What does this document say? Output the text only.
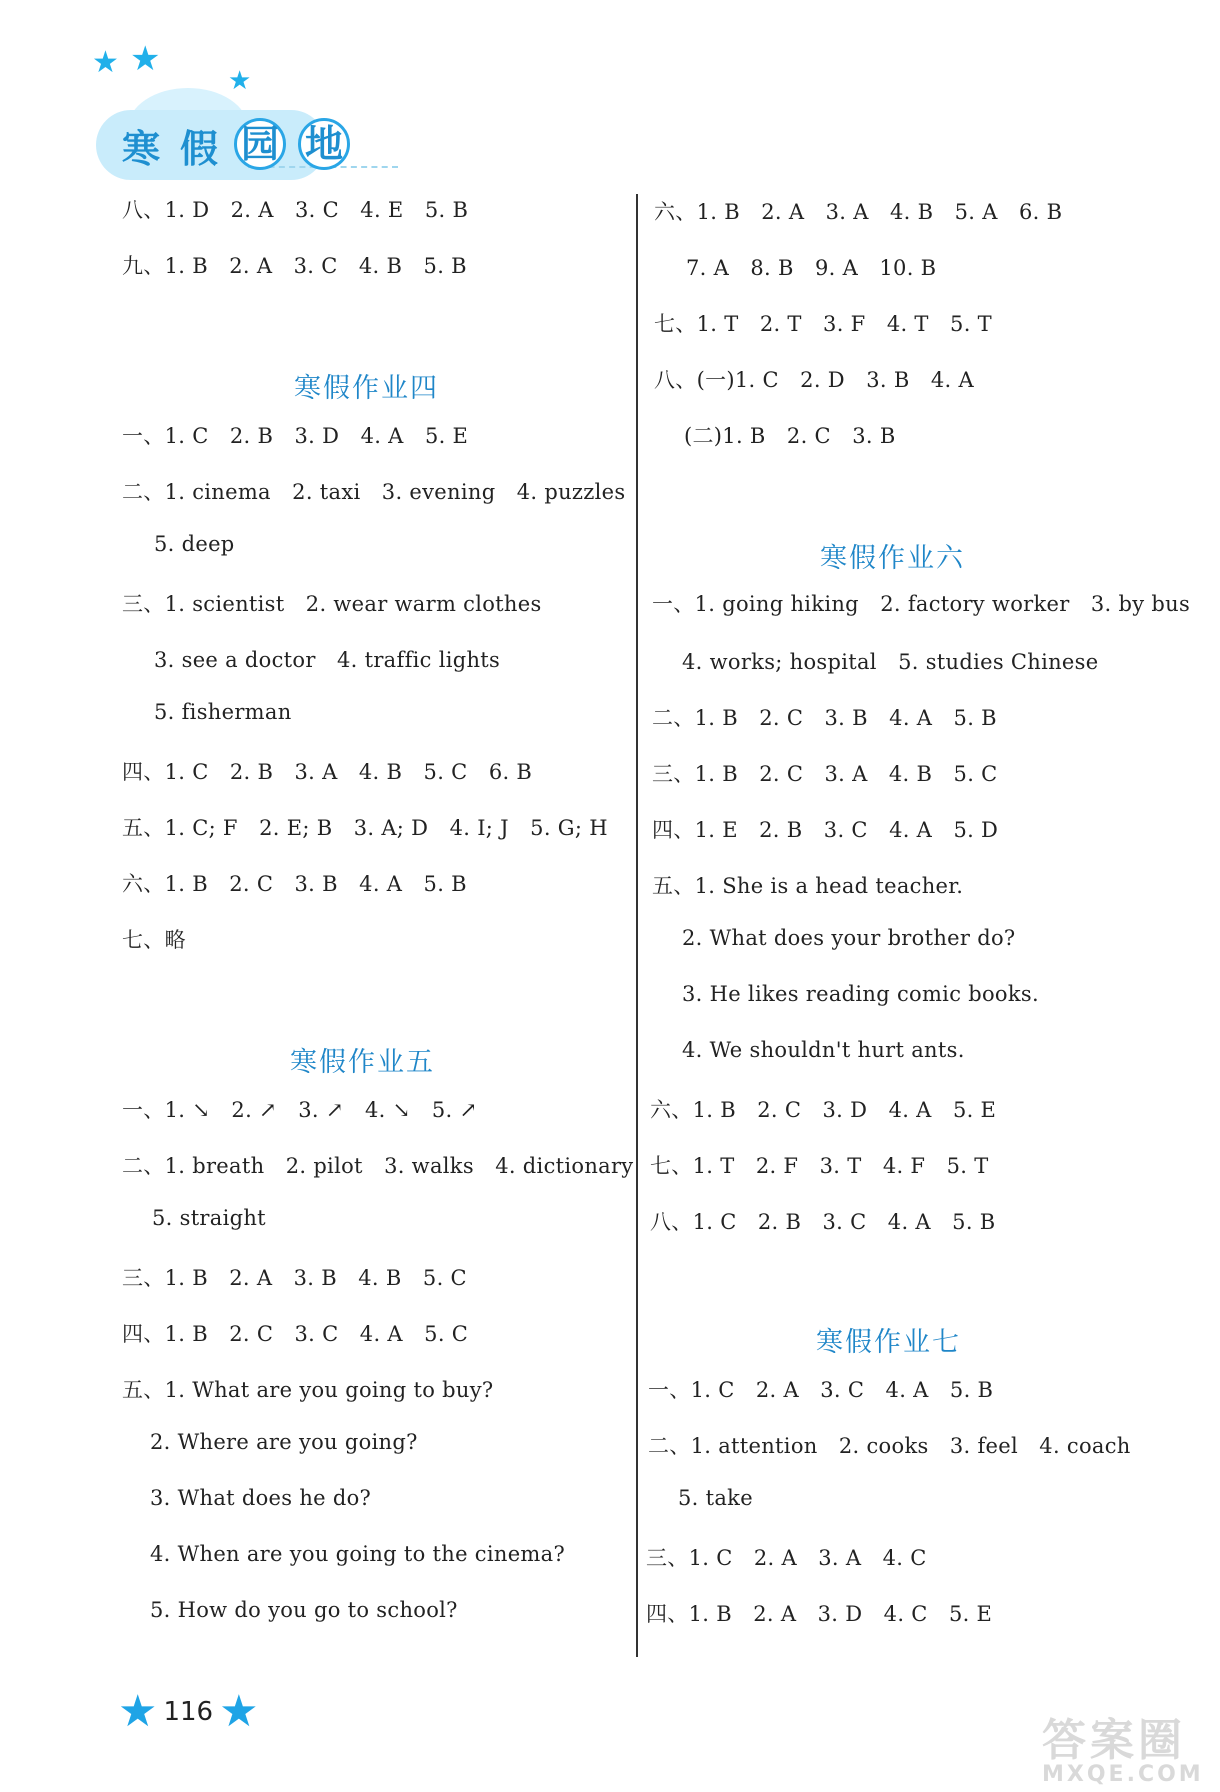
★ ★
★
寒 假 园 地
八、1. D　2. A　3. C　4. E　5. B
九、1. B　2. A　3. C　4. B　5. B
寒假作业四
一、1. C　2. B　3. D　4. A　5. E
二、1. cinema　2. taxi　3. evening　4. puzzles
5. deep
三、1. scientist　2. wear warm clothes
3. see a doctor　4. traffic lights
5. fisherman
四、1. C　2. B　3. A　4. B　5. C　6. B
五、1. C; F　2. E; B　3. A; D　4. I; J　5. G; H
六、1. B　2. C　3. B　4. A　5. B
七、略
寒假作业五
一、1. ↘　2. ↗　3. ↗　4. ↘　5. ↗
二、1. breath　2. pilot　3. walks　4. dictionary
5. straight
三、1. B　2. A　3. B　4. B　5. C
四、1. B　2. C　3. C　4. A　5. C
五、1. What are you going to buy?
2. Where are you going?
3. What does he do?
4. When are you going to the cinema?
5. How do you go to school?
六、1. B　2. A　3. A　4. B　5. A　6. B
7. A　8. B　9. A　10. B
七、1. T　2. T　3. F　4. T　5. T
八、(一)1. C　2. D　3. B　4. A
(二)1. B　2. C　3. B
寒假作业六
一、1. going hiking　2. factory worker　3. by bus
4. works; hospital　5. studies Chinese
二、1. B　2. C　3. B　4. A　5. B
三、1. B　2. C　3. A　4. B　5. C
四、1. E　2. B　3. C　4. A　5. D
五、1. She is a head teacher.
2. What does your brother do?
3. He likes reading comic books.
4. We shouldn't hurt ants.
六、1. B　2. C　3. D　4. A　5. E
七、1. T　2. F　3. T　4. F　5. T
八、1. C　2. B　3. C　4. A　5. B
寒假作业七
一、1. C　2. A　3. C　4. A　5. B
二、1. attention　2. cooks　3. feel　4. coach
5. take
三、1. C　2. A　3. A　4. C
四、1. B　2. A　3. D　4. C　5. E
★ 116 ★
答案圈
MXQE.COM
